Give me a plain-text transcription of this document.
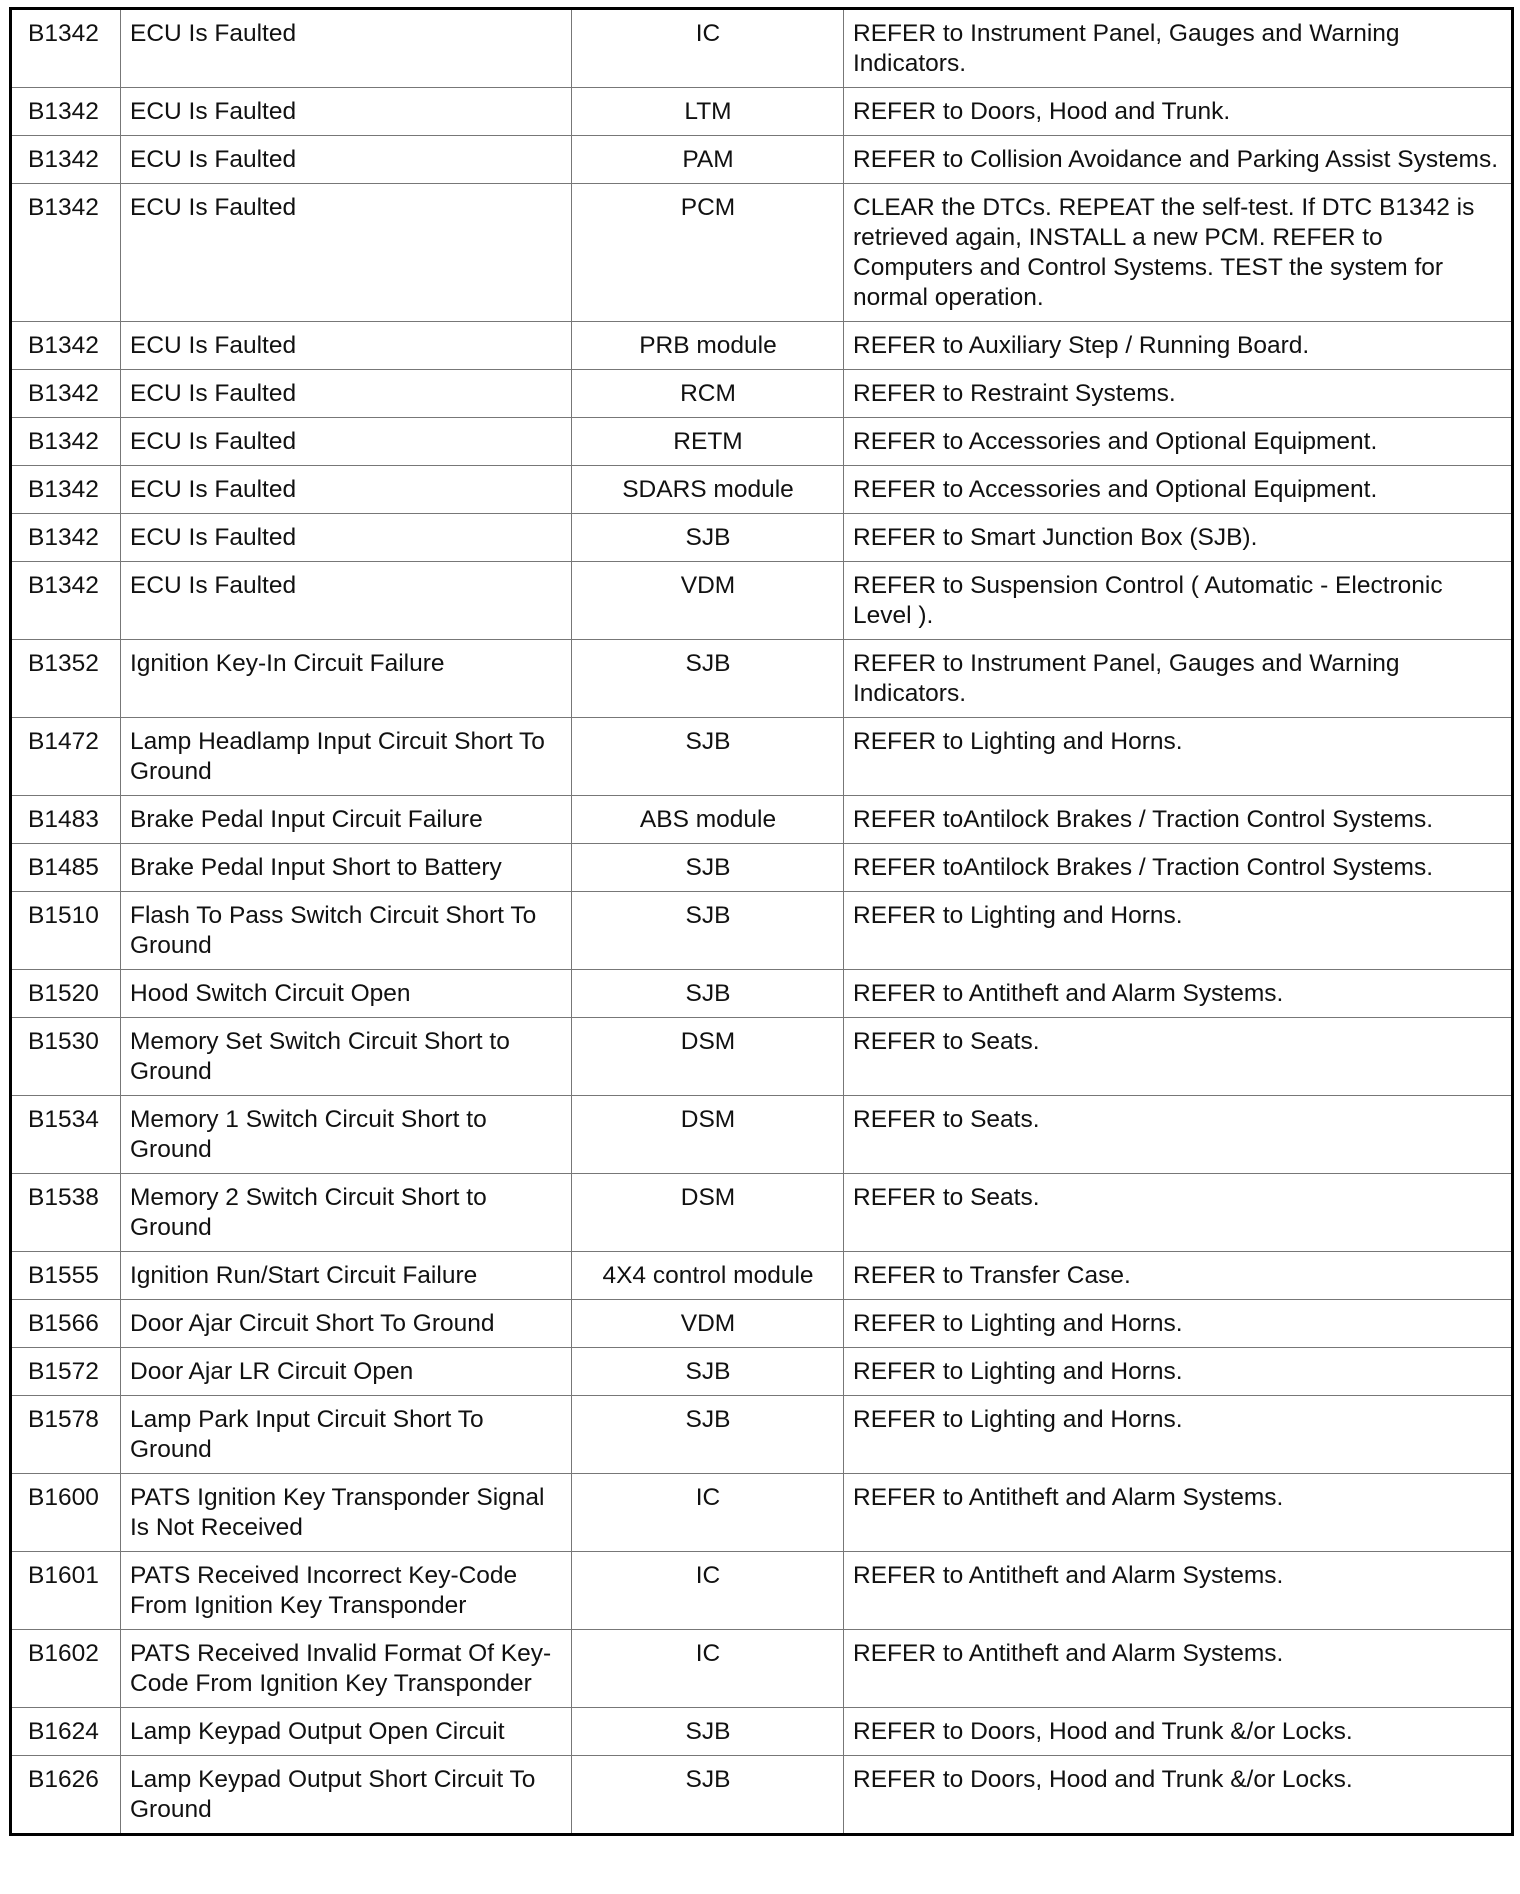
B1342	ECU Is Faulted	IC	REFER to Instrument Panel, Gauges and Warning Indicators.
B1342	ECU Is Faulted	LTM	REFER to Doors, Hood and Trunk.
B1342	ECU Is Faulted	PAM	REFER to Collision Avoidance and Parking Assist Systems.
B1342	ECU Is Faulted	PCM	CLEAR the DTCs. REPEAT the self-test. If DTC B1342 is retrieved again, INSTALL a new PCM. REFER to Computers and Control Systems. TEST the system for normal operation.
B1342	ECU Is Faulted	PRB module	REFER to Auxiliary Step / Running Board.
B1342	ECU Is Faulted	RCM	REFER to Restraint Systems.
B1342	ECU Is Faulted	RETM	REFER to Accessories and Optional Equipment.
B1342	ECU Is Faulted	SDARS module	REFER to Accessories and Optional Equipment.
B1342	ECU Is Faulted	SJB	REFER to Smart Junction Box (SJB).
B1342	ECU Is Faulted	VDM	REFER to Suspension Control ( Automatic - Electronic Level ).
B1352	Ignition Key-In Circuit Failure	SJB	REFER to Instrument Panel, Gauges and Warning Indicators.
B1472	Lamp Headlamp Input Circuit Short To Ground	SJB	REFER to Lighting and Horns.
B1483	Brake Pedal Input Circuit Failure	ABS module	REFER toAntilock Brakes / Traction Control Systems.
B1485	Brake Pedal Input Short to Battery	SJB	REFER toAntilock Brakes / Traction Control Systems.
B1510	Flash To Pass Switch Circuit Short To Ground	SJB	REFER to Lighting and Horns.
B1520	Hood Switch Circuit Open	SJB	REFER to Antitheft and Alarm Systems.
B1530	Memory Set Switch Circuit Short to Ground	DSM	REFER to Seats.
B1534	Memory 1 Switch Circuit Short to Ground	DSM	REFER to Seats.
B1538	Memory 2 Switch Circuit Short to Ground	DSM	REFER to Seats.
B1555	Ignition Run/Start Circuit Failure	4X4 control module	REFER to Transfer Case.
B1566	Door Ajar Circuit Short To Ground	VDM	REFER to Lighting and Horns.
B1572	Door Ajar LR Circuit Open	SJB	REFER to Lighting and Horns.
B1578	Lamp Park Input Circuit Short To Ground	SJB	REFER to Lighting and Horns.
B1600	PATS Ignition Key Transponder Signal Is Not Received	IC	REFER to Antitheft and Alarm Systems.
B1601	PATS Received Incorrect Key-Code From Ignition Key Transponder	IC	REFER to Antitheft and Alarm Systems.
B1602	PATS Received Invalid Format Of Key-Code From Ignition Key Transponder	IC	REFER to Antitheft and Alarm Systems.
B1624	Lamp Keypad Output Open Circuit	SJB	REFER to Doors, Hood and Trunk &/or Locks.
B1626	Lamp Keypad Output Short Circuit To Ground	SJB	REFER to Doors, Hood and Trunk &/or Locks.
